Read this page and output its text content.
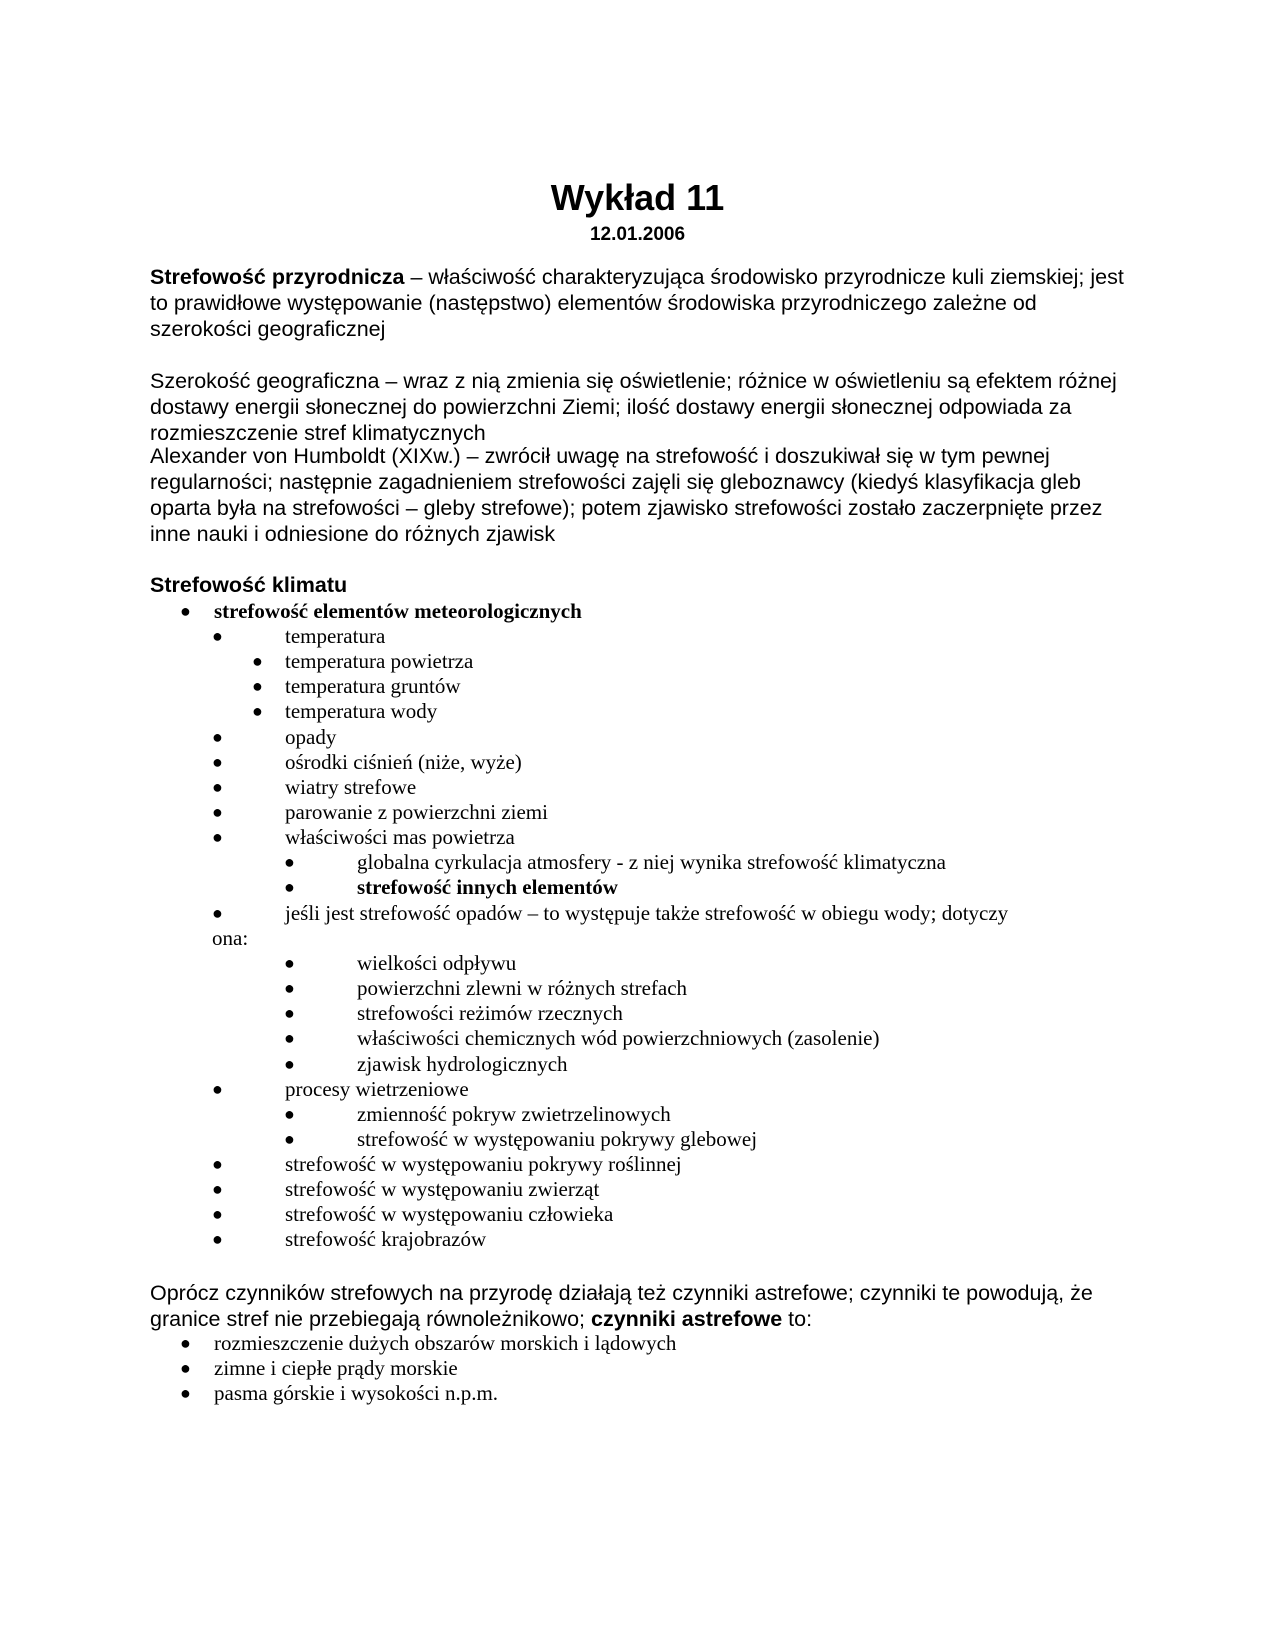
Wykład 11
12.01.2006

Strefowość przyrodnicza – właściwość charakteryzująca środowisko przyrodnicze kuli ziemskiej; jest to prawidłowe występowanie (następstwo) elementów środowiska przyrodniczego zależne od szerokości geograficznej

Szerokość geograficzna – wraz z nią zmienia się oświetlenie; różnice w oświetleniu są efektem różnej dostawy energii słonecznej do powierzchni Ziemi; ilość dostawy energii słonecznej odpowiada za rozmieszczenie stref klimatycznych

Alexander von Humboldt (XIXw.) – zwrócił uwagę na strefowość i doszukiwał się w tym pewnej regularności; następnie zagadnieniem strefowości zajęli się gleboznawcy (kiedyś klasyfikacja gleb oparta była na strefowości – gleby strefowe); potem zjawisko strefowości zostało zaczerpnięte przez inne nauki i odniesione do różnych zjawisk

Strefowość klimatu
● strefowość elementów meteorologicznych
●	temperatura
● temperatura powietrza
● temperatura gruntów
● temperatura wody
●	opady
●	ośrodki ciśnień (niże, wyże)
●	wiatry strefowe
●	parowanie z powierzchni ziemi
●	właściwości mas powietrza
●	globalna cyrkulacja atmosfery - z niej wynika strefowość klimatyczna
●	strefowość innych elementów
●	jeśli jest strefowość opadów – to występuje także strefowość w obiegu wody; dotyczy
ona:
●	wielkości odpływu
●	powierzchni zlewni w różnych strefach
●	strefowości reżimów rzecznych
●	właściwości chemicznych wód powierzchniowych (zasolenie)
●	zjawisk hydrologicznych
●	procesy wietrzeniowe
●	zmienność pokryw zwietrzelinowych
●	strefowość w występowaniu pokrywy glebowej
●	strefowość w występowaniu pokrywy roślinnej
●	strefowość w występowaniu zwierząt
●	strefowość w występowaniu człowieka
●	strefowość krajobrazów

Oprócz czynników strefowych na przyrodę działają też czynniki astrefowe; czynniki te powodują, że granice stref nie przebiegają równoleżnikowo; czynniki astrefowe to:

● rozmieszczenie dużych obszarów morskich i lądowych
● zimne i ciepłe prądy morskie
● pasma górskie i wysokości n.p.m.
